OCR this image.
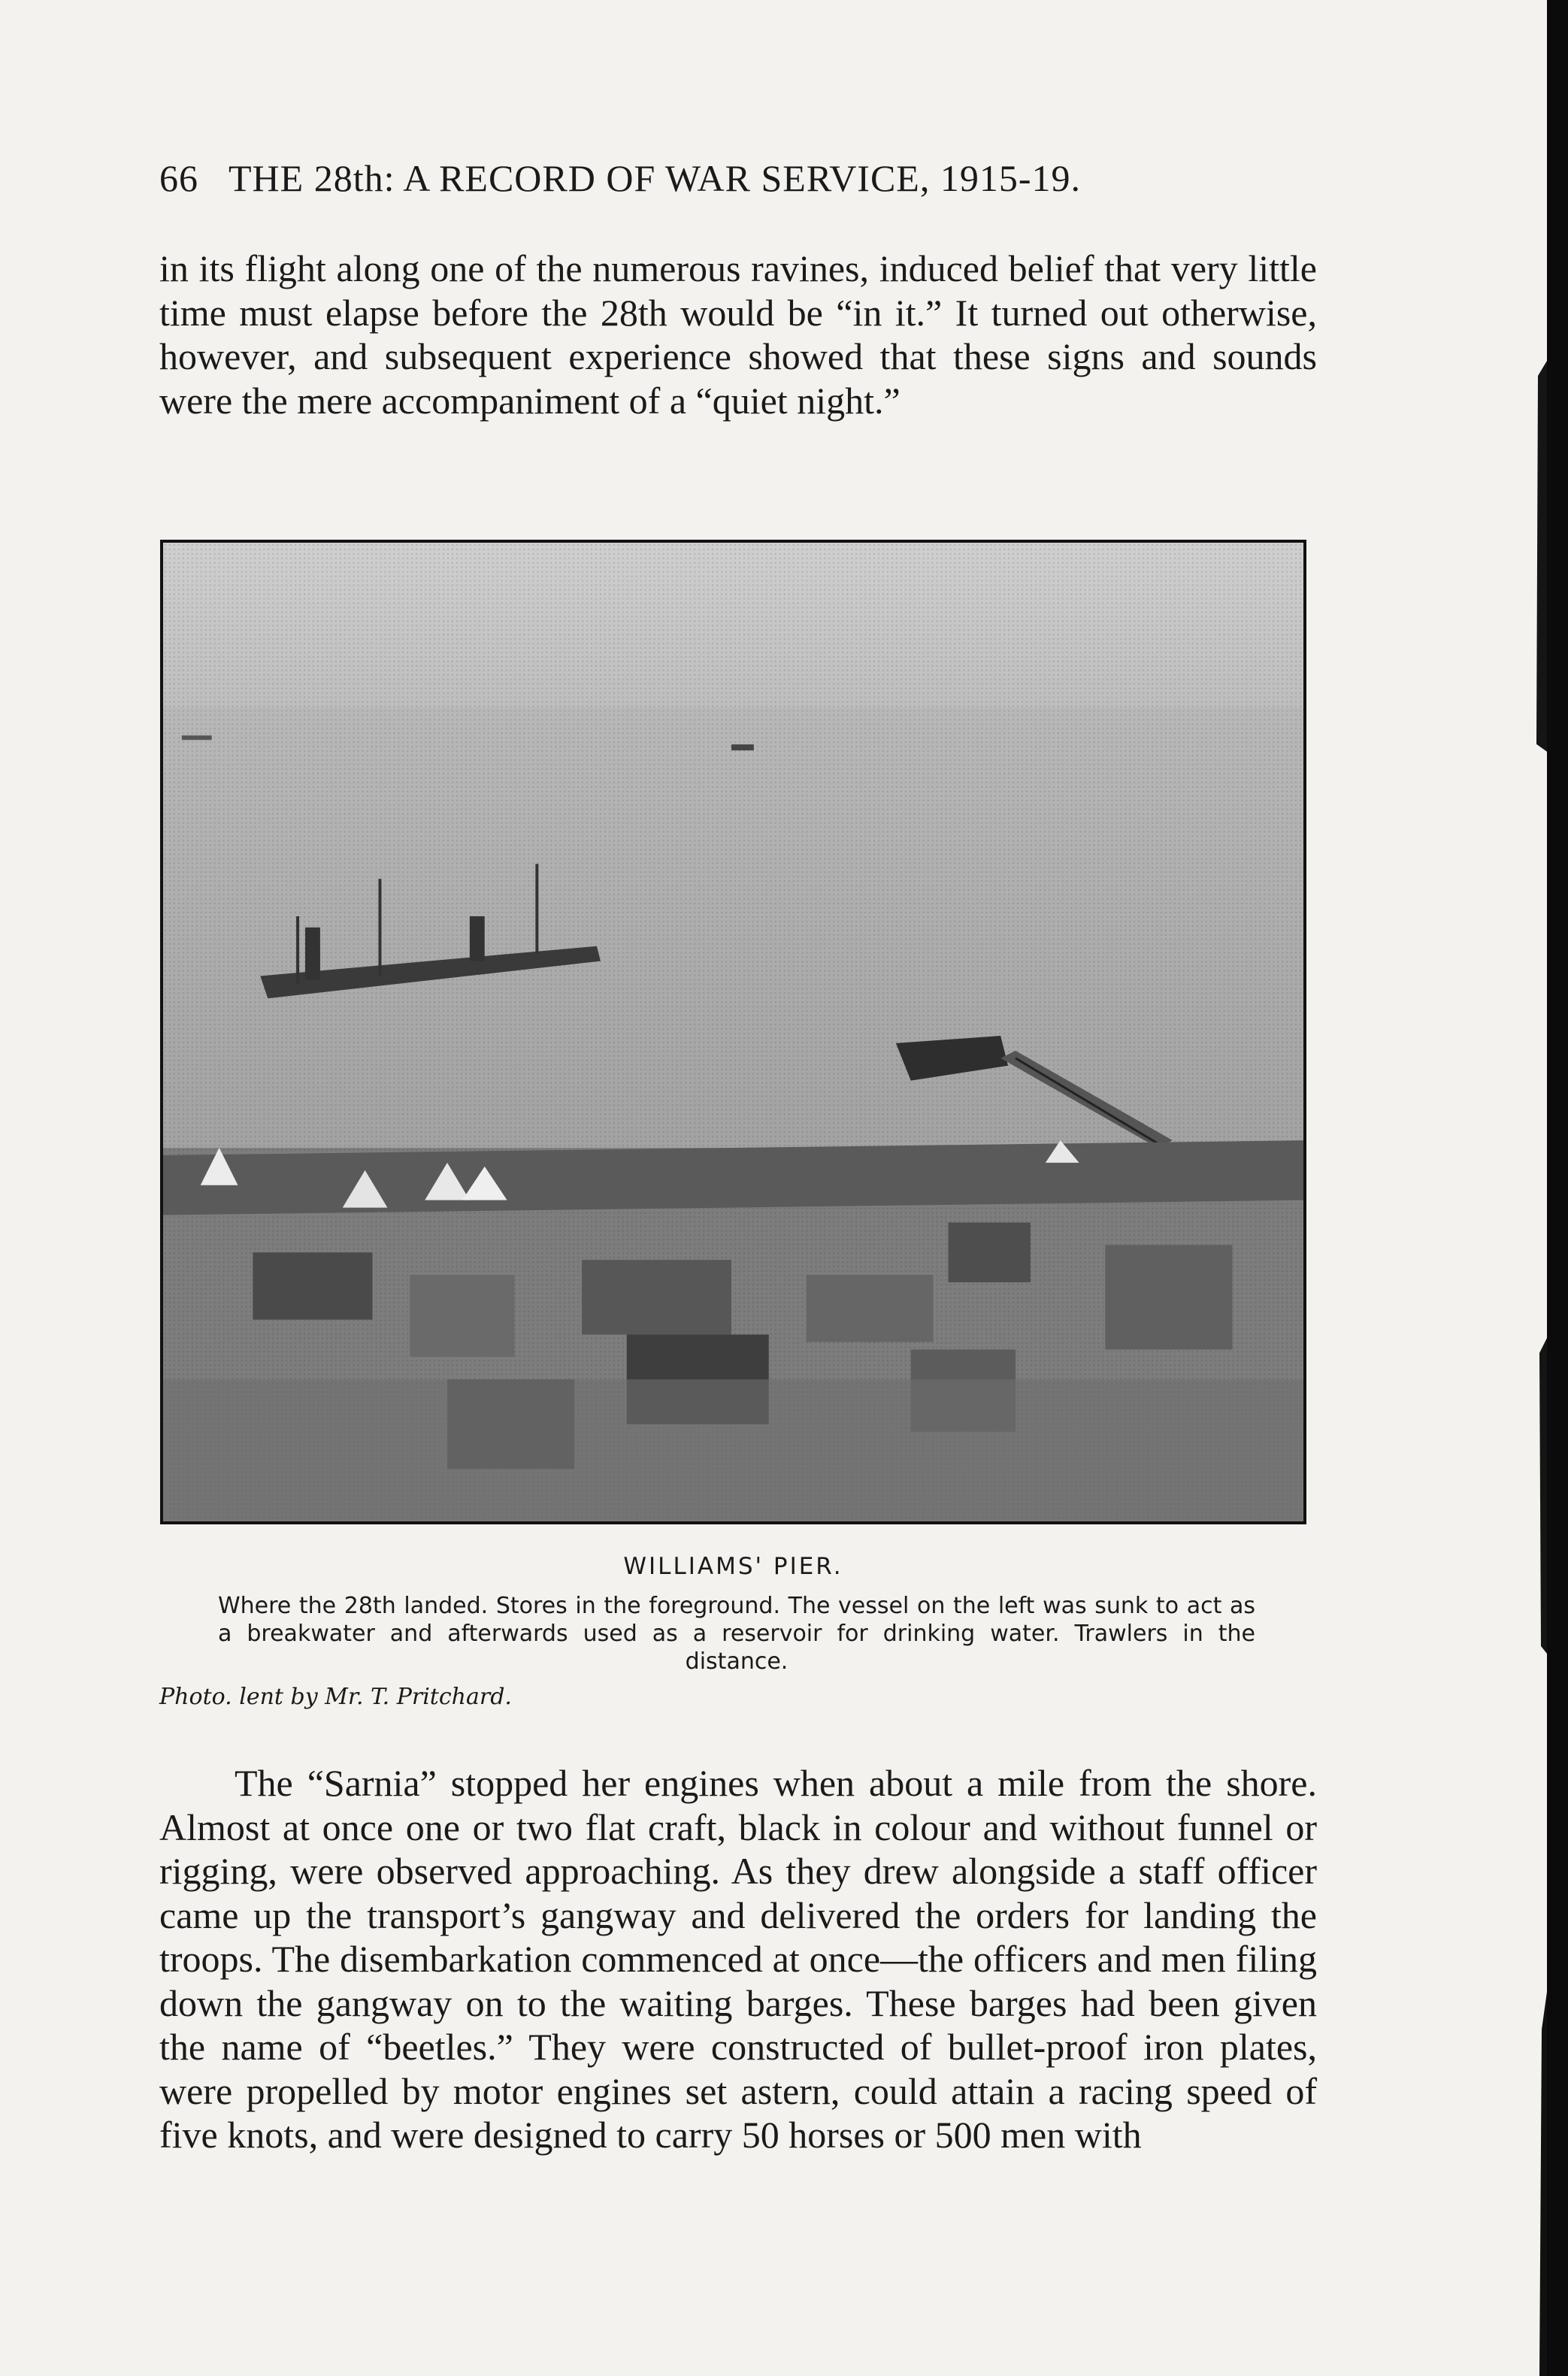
66 THE 28th: A RECORD OF WAR SERVICE, 1915-19.

in its flight along one of the numerous ravines, induced belief that very little time must elapse before the 28th would be “in it.” It turned out otherwise, however, and subsequent experience showed that these signs and sounds were the mere accompaniment of a “quiet night.”

WILLIAMS' PIER.
Where the 28th landed. Stores in the foreground. The vessel on the left was sunk to act as a breakwater and afterwards used as a reservoir for drinking water. Trawlers in the distance.
Photo. lent by Mr. T. Pritchard.

The “Sarnia” stopped her engines when about a mile from the shore. Almost at once one or two flat craft, black in colour and without funnel or rigging, were observed approaching. As they drew alongside a staff officer came up the transport’s gangway and delivered the orders for landing the troops. The disembarkation commenced at once—the officers and men filing down the gangway on to the waiting barges. These barges had been given the name of “beetles.” They were constructed of bullet-proof iron plates, were propelled by motor engines set astern, could attain a racing speed of five knots, and were designed to carry 50 horses or 500 men with
